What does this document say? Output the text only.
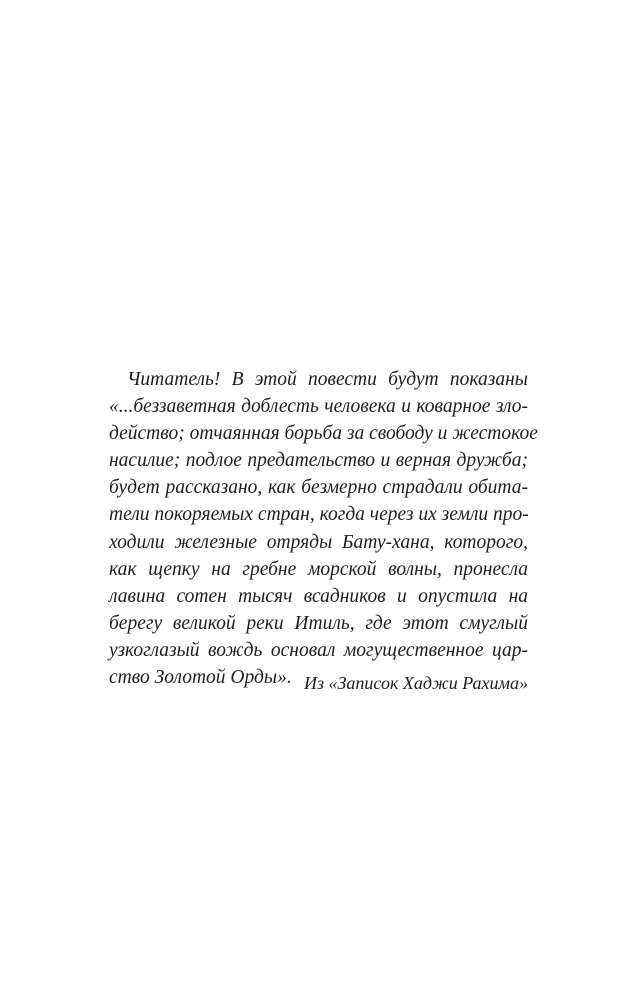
Читатель! В этой повести будут показаны
«...беззаветная доблесть человека и коварное зло-
действо; отчаянная борьба за свободу и жестокое
насилие; подлое предательство и верная дружба;
будет рассказано, как безмерно страдали обита-
тели покоряемых стран, когда через их земли про-
ходили железные отряды Бату-хана, которого,
как щепку на гребне морской волны, пронесла
лавина сотен тысяч всадников и опустила на
берегу великой реки Итиль, где этот смуглый
узкоглазый вождь основал могущественное цар-
ство Золотой Орды». Из «Записок Хаджи Рахима»
